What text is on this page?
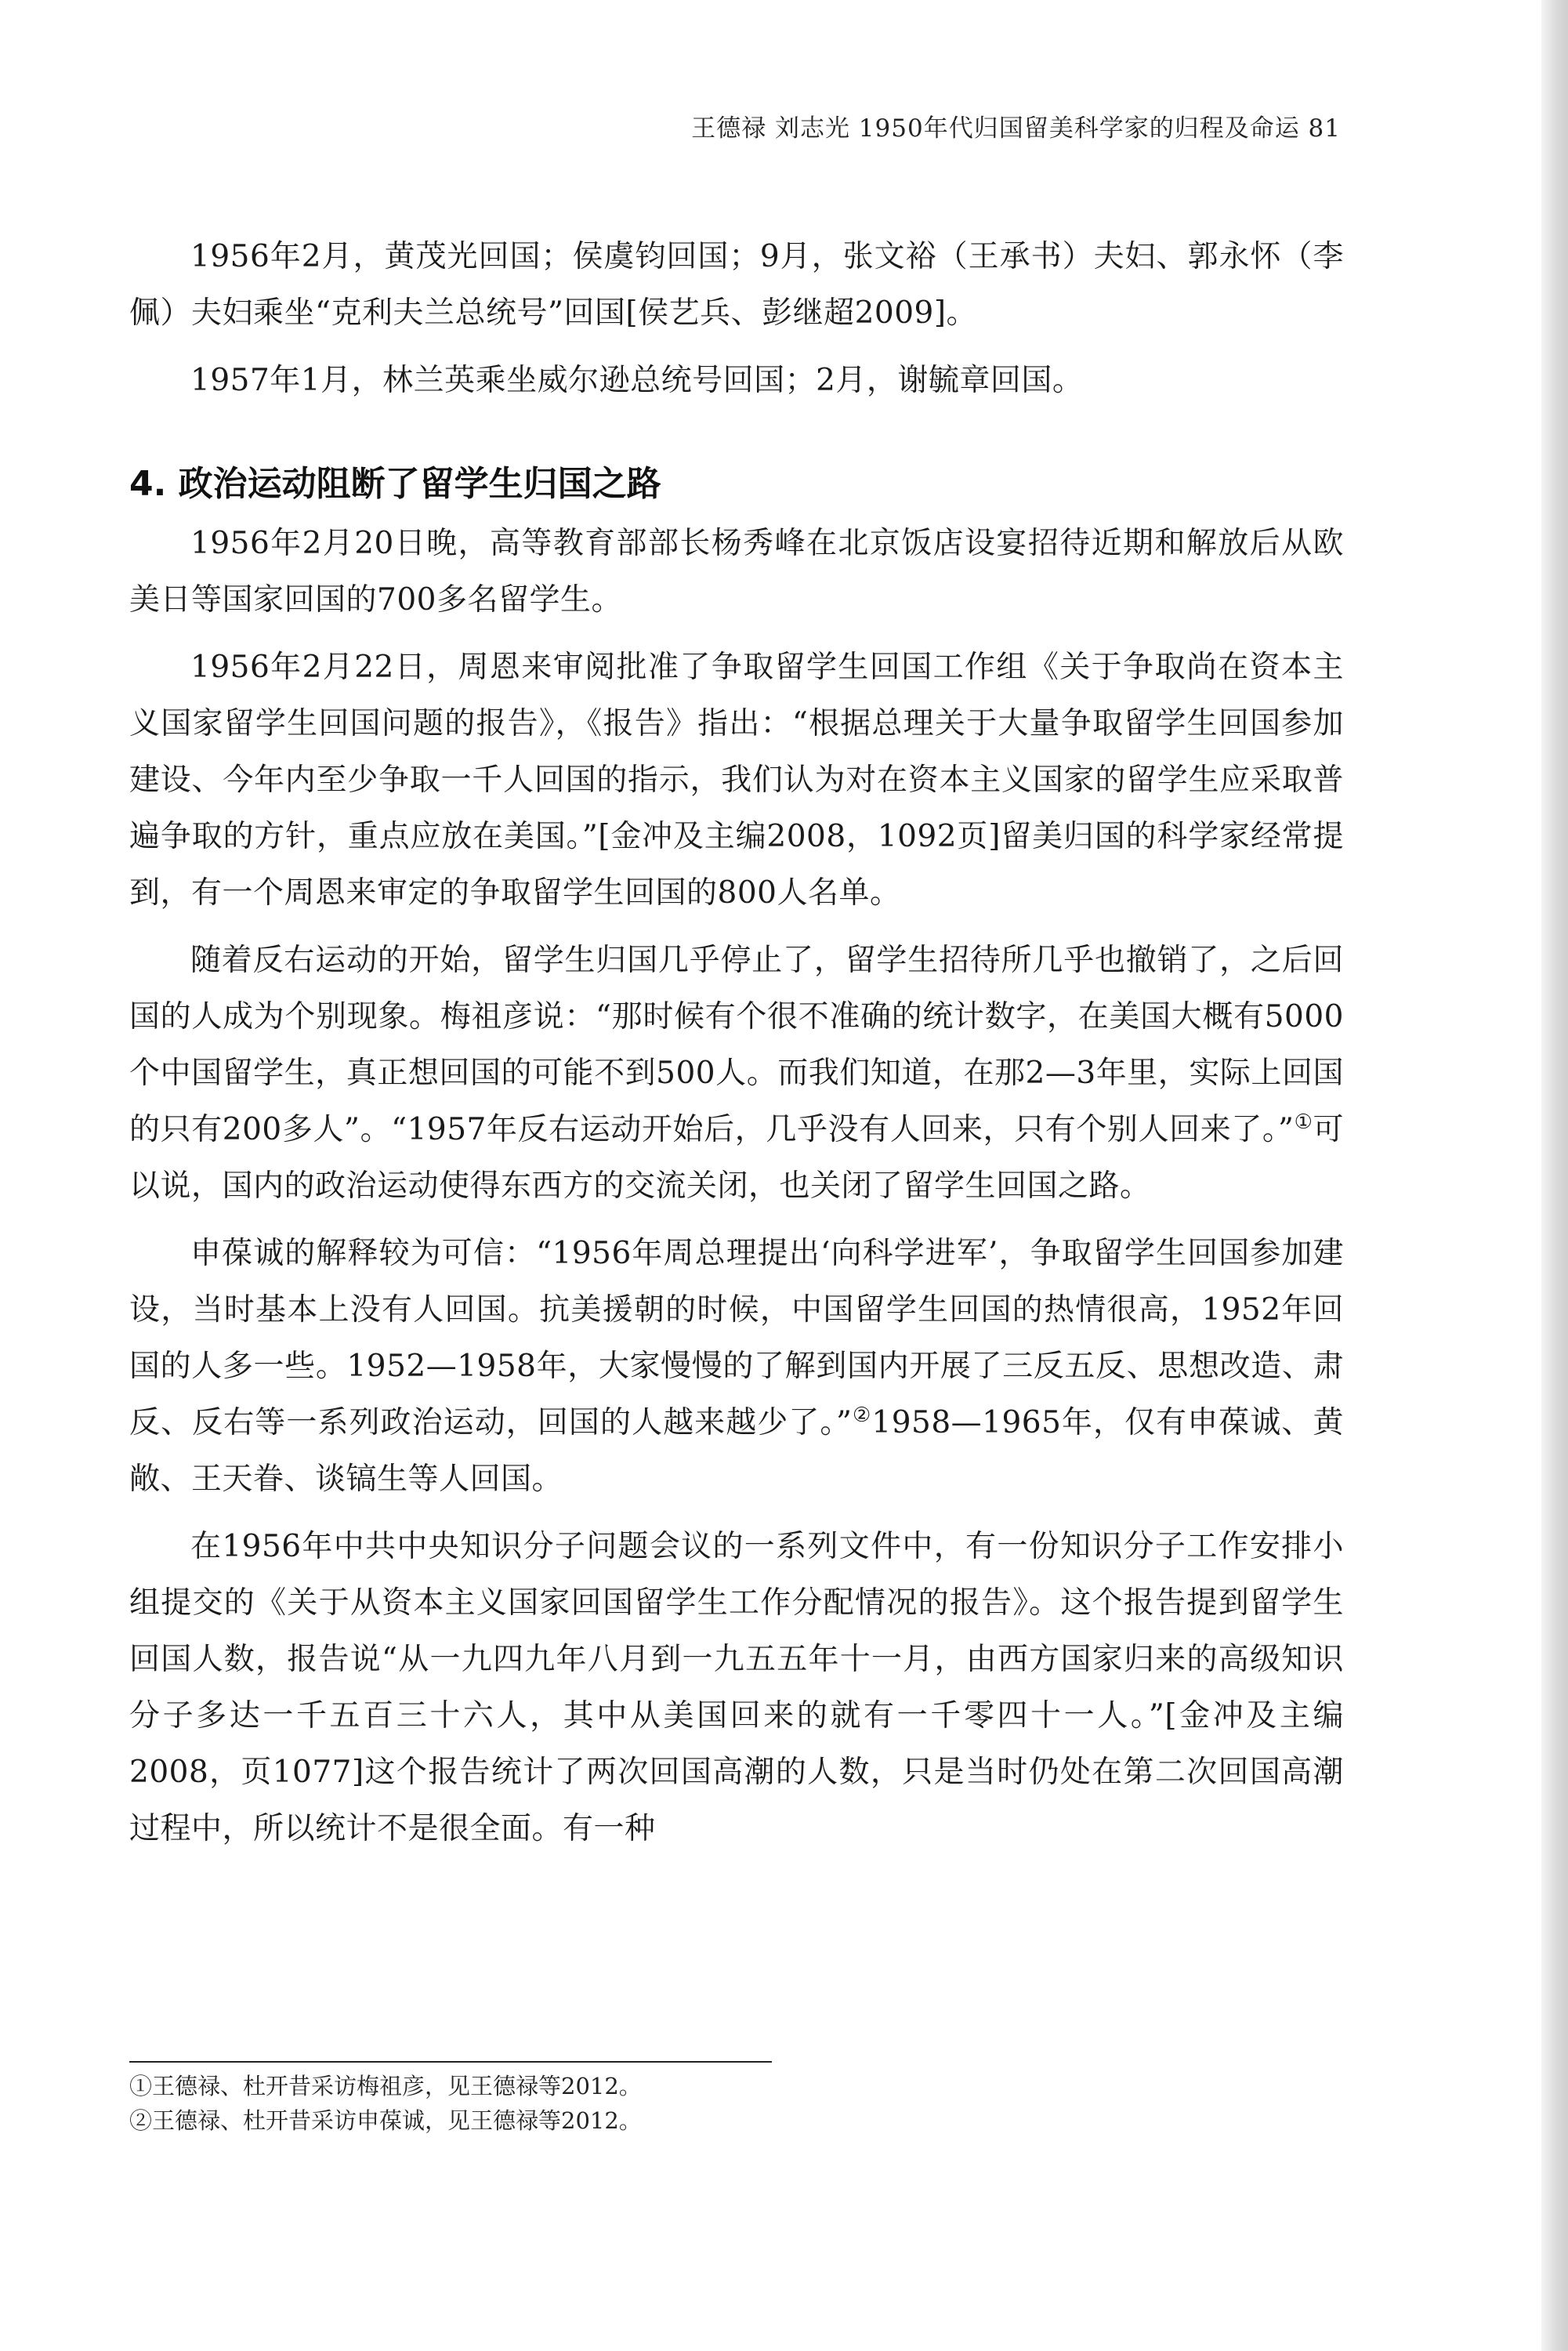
王德禄 刘志光 1950年代归国留美科学家的归程及命运 81

1956年2月，黄茂光回国；侯虞钧回国；9月，张文裕（王承书）夫妇、郭永怀（李佩）夫妇乘坐“克利夫兰总统号”回国[侯艺兵、彭继超2009]。

1957年1月，林兰英乘坐威尔逊总统号回国；2月，谢毓章回国。

4. 政治运动阻断了留学生归国之路

1956年2月20日晚，高等教育部部长杨秀峰在北京饭店设宴招待近期和解放后从欧美日等国家回国的700多名留学生。

1956年2月22日，周恩来审阅批准了争取留学生回国工作组《关于争取尚在资本主义国家留学生回国问题的报告》，《报告》指出：“根据总理关于大量争取留学生回国参加建设、今年内至少争取一千人回国的指示，我们认为对在资本主义国家的留学生应采取普遍争取的方针，重点应放在美国。”[金冲及主编2008，1092页]留美归国的科学家经常提到，有一个周恩来审定的争取留学生回国的800人名单。

随着反右运动的开始，留学生归国几乎停止了，留学生招待所几乎也撤销了，之后回国的人成为个别现象。梅祖彦说：“那时候有个很不准确的统计数字，在美国大概有5000个中国留学生，真正想回国的可能不到500人。而我们知道，在那2—3年里，实际上回国的只有200多人”。“1957年反右运动开始后，几乎没有人回来，只有个别人回来了。”①可以说，国内的政治运动使得东西方的交流关闭，也关闭了留学生回国之路。

申葆诚的解释较为可信：“1956年周总理提出‘向科学进军’，争取留学生回国参加建设，当时基本上没有人回国。抗美援朝的时候，中国留学生回国的热情很高，1952年回国的人多一些。1952—1958年，大家慢慢的了解到国内开展了三反五反、思想改造、肃反、反右等一系列政治运动，回国的人越来越少了。”②1958—1965年，仅有申葆诚、黄敞、王天眷、谈镐生等人回国。

在1956年中共中央知识分子问题会议的一系列文件中，有一份知识分子工作安排小组提交的《关于从资本主义国家回国留学生工作分配情况的报告》。这个报告提到留学生回国人数，报告说“从一九四九年八月到一九五五年十一月，由西方国家归来的高级知识分子多达一千五百三十六人，其中从美国回来的就有一千零四十一人。”[金冲及主编2008，页1077]这个报告统计了两次回国高潮的人数，只是当时仍处在第二次回国高潮过程中，所以统计不是很全面。有一种

①王德禄、杜开昔采访梅祖彦，见王德禄等2012。

②王德禄、杜开昔采访申葆诚，见王德禄等2012。
